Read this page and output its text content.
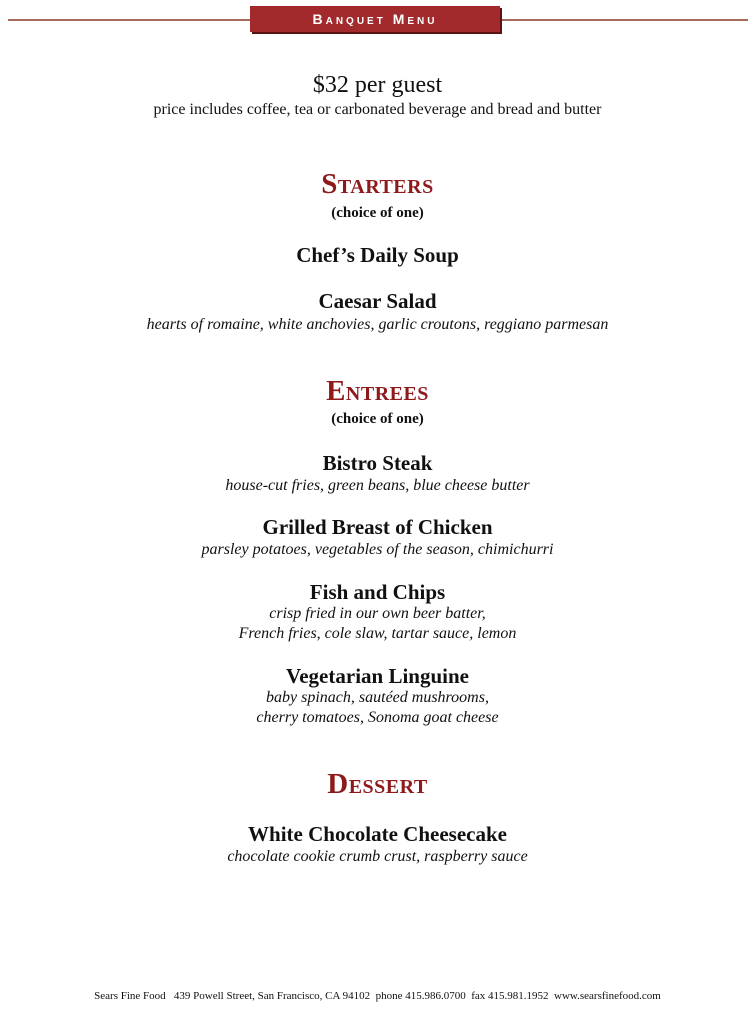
Banquet Menu
$32 per guest
price includes coffee, tea or carbonated beverage and bread and butter
Starters
(choice of one)
Chef’s Daily Soup
Caesar Salad
hearts of romaine, white anchovies, garlic croutons, reggiano parmesan
Entrees
(choice of one)
Bistro Steak
house-cut fries, green beans, blue cheese butter
Grilled Breast of Chicken
parsley potatoes, vegetables of the season, chimichurri
Fish and Chips
crisp fried in our own beer batter,
French fries, cole slaw, tartar sauce, lemon
Vegetarian Linguine
baby spinach, sautéed mushrooms,
cherry tomatoes, Sonoma goat cheese
Dessert
White Chocolate Cheesecake
chocolate cookie crumb crust, raspberry sauce
Sears Fine Food 439 Powell Street, San Francisco, CA 94102 phone 415.986.0700 fax 415.981.1952 www.searsfinefood.com
